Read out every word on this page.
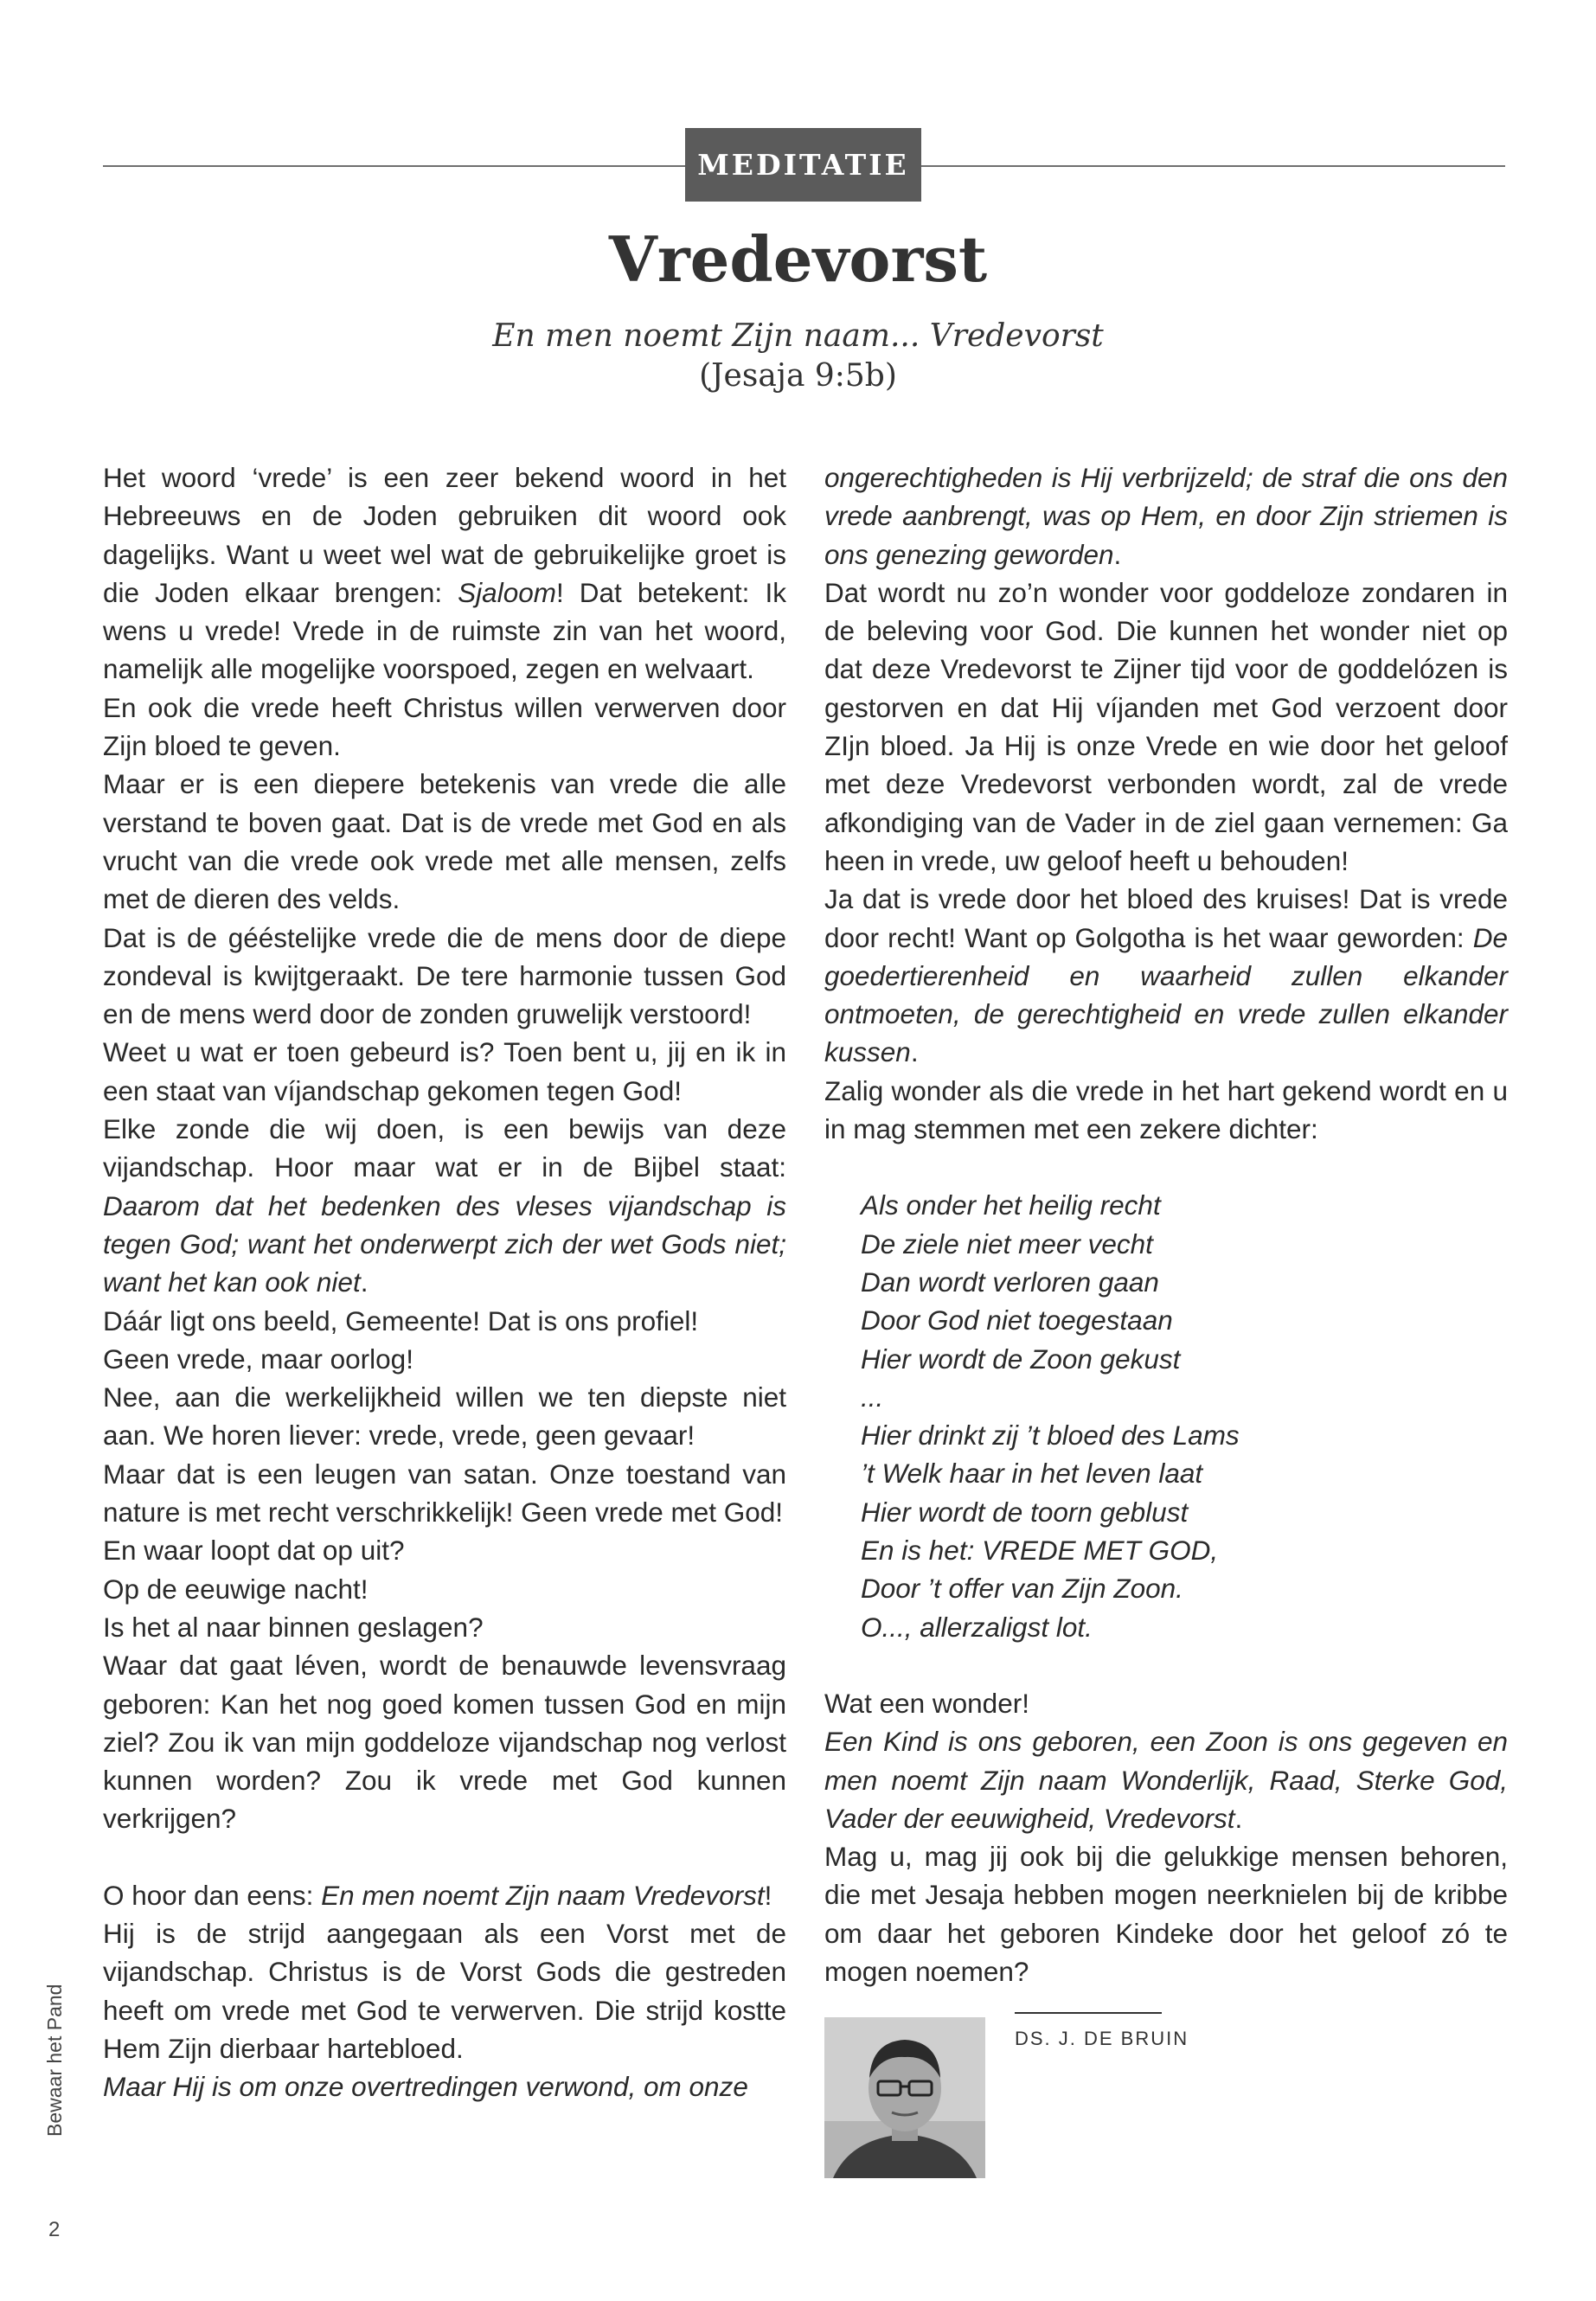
MEDITATIE
Vredevorst
En men noemt Zijn naam... Vredevorst
(Jesaja 9:5b)

Het woord ‘vrede’ is een zeer bekend woord in het Hebreeuws en de Joden gebruiken dit woord ook dagelijks. Want u weet wel wat de gebruikelijke groet is die Joden elkaar brengen: Sjaloom! Dat betekent: Ik wens u vrede! Vrede in de ruimste zin van het woord, namelijk alle mogelijke voorspoed, zegen en welvaart.

En ook die vrede heeft Christus willen verwerven door Zijn bloed te geven.

Maar er is een diepere betekenis van vrede die alle verstand te boven gaat. Dat is de vrede met God en als vrucht van die vrede ook vrede met alle mensen, zelfs met de dieren des velds.

Dat is de gééstelijke vrede die de mens door de diepe zondeval is kwijtgeraakt. De tere harmonie tussen God en de mens werd door de zonden gruwelijk verstoord!

Weet u wat er toen gebeurd is? Toen bent u, jij en ik in een staat van víjandschap gekomen tegen God!

Elke zonde die wij doen, is een bewijs van deze vijandschap. Hoor maar wat er in de Bijbel staat: Daarom dat het bedenken des vleses vijandschap is tegen God; want het onderwerpt zich der wet Gods niet; want het kan ook niet.

Dáár ligt ons beeld, Gemeente! Dat is ons profiel!

Geen vrede, maar oorlog!

Nee, aan die werkelijkheid willen we ten diepste niet aan. We horen liever: vrede, vrede, geen gevaar!

Maar dat is een leugen van satan. Onze toestand van nature is met recht verschrikkelijk! Geen vrede met God!

En waar loopt dat op uit?

Op de eeuwige nacht!

Is het al naar binnen geslagen?

Waar dat gaat léven, wordt de benauwde levensvraag geboren: Kan het nog goed komen tussen God en mijn ziel? Zou ik van mijn goddeloze vijandschap nog verlost kunnen worden? Zou ik vrede met God kunnen verkrijgen?

O hoor dan eens: En men noemt Zijn naam Vredevorst!

Hij is de strijd aangegaan als een Vorst met de vijandschap. Christus is de Vorst Gods die gestreden heeft om vrede met God te verwerven. Die strijd kostte Hem Zijn dierbaar hartebloed.

Maar Hij is om onze overtredingen verwond, om onze

ongerechtigheden is Hij verbrijzeld; de straf die ons den vrede aanbrengt, was op Hem, en door Zijn striemen is ons genezing geworden.

Dat wordt nu zo’n wonder voor goddeloze zondaren in de beleving voor God. Die kunnen het wonder niet op dat deze Vredevorst te Zijner tijd voor de goddelózen is gestorven en dat Hij víjanden met God verzoent door ZIjn bloed. Ja Hij is onze Vrede en wie door het geloof met deze Vredevorst verbonden wordt, zal de vrede afkondiging van de Vader in de ziel gaan vernemen: Ga heen in vrede, uw geloof heeft u behouden!

Ja dat is vrede door het bloed des kruises! Dat is vrede door recht! Want op Golgotha is het waar geworden: De goedertierenheid en waarheid zullen elkander ontmoeten, de gerechtigheid en vrede zullen elkander kussen.

Zalig wonder als die vrede in het hart gekend wordt en u in mag stemmen met een zekere dichter:

Als onder het heilig recht
De ziele niet meer vecht
Dan wordt verloren gaan
Door God niet toegestaan
Hier wordt de Zoon gekust
...
Hier drinkt zij ’t bloed des Lams
’t Welk haar in het leven laat
Hier wordt de toorn geblust
En is het: VREDE MET GOD,
Door ’t offer van Zijn Zoon.
O..., allerzaligst lot.

Wat een wonder!

Een Kind is ons geboren, een Zoon is ons gegeven en men noemt Zijn naam Wonderlijk, Raad, Sterke God, Vader der eeuwigheid, Vredevorst.

Mag u, mag jij ook bij die gelukkige mensen behoren, die met Jesaja hebben mogen neerknielen bij de kribbe om daar het geboren Kindeke door het geloof zó te mogen noemen?

DS. J. DE BRUIN
Bewaar het Pand
2
